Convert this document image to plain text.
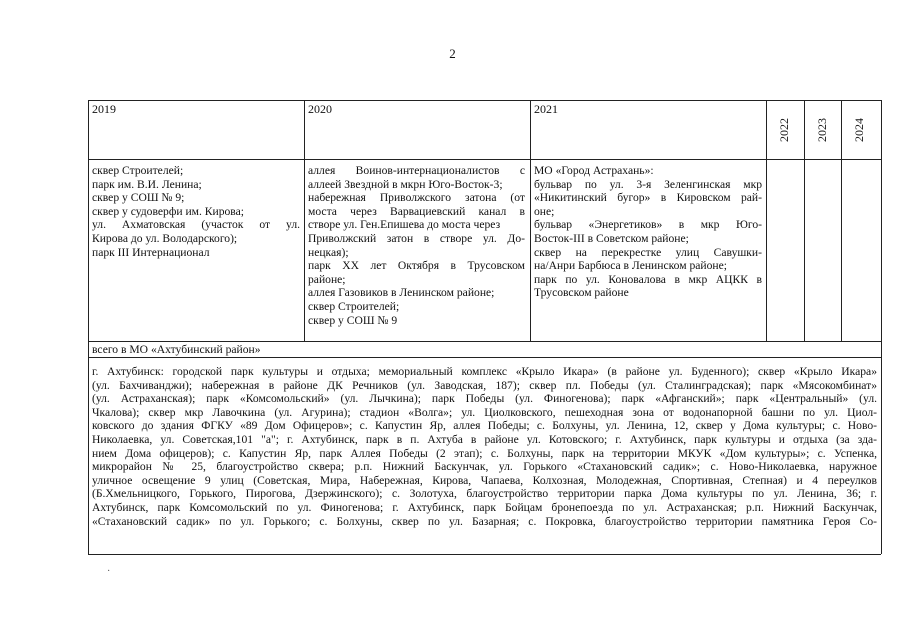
2
2019	2020	2021
2022 2023 2024
сквер Строителей;
парк им. В.И. Ленина;
сквер у СОШ № 9;
сквер у судоверфи им. Кирова;
ул. Ахматовская (участок от ул.
Кирова до ул. Володарского);
парк III Интернационал
аллея Воинов-интернационалистов с
аллеей Звездной в мкрн Юго-Восток-3;
набережная Приволжского затона (от
моста через Варвациевский канал в
створе ул. Ген.Епишева до моста через
Приволжский затон в створе ул. До-
нецкая);
парк XX лет Октября в Трусовском
районе;
аллея Газовиков в Ленинском районе;
сквер Строителей;
сквер у СОШ № 9
МО «Город Астрахань»:
бульвар по ул. 3-я Зеленгинская мкр
«Никитинский бугор» в Кировском рай-
оне;
бульвар «Энергетиков» в мкр Юго-
Восток-III в Советском районе;
сквер на перекрестке улиц Савушки-
на/Анри Барбюса в Ленинском районе;
парк по ул. Коновалова в мкр АЦКК в
Трусовском районе
всего в МО «Ахтубинский район»
г. Ахтубинск: городской парк культуры и отдыха; мемориальный комплекс «Крыло Икара» (в районе ул. Буденного); сквер «Крыло Икара»
(ул. Бахчиванджи); набережная в районе ДК Речников (ул. Заводская, 187); сквер пл. Победы (ул. Сталинградская); парк «Мясокомбинат»
(ул. Астраханская); парк «Комсомольский» (ул. Лычкина); парк Победы (ул. Финогенова); парк «Афганский»; парк «Центральный» (ул.
Чкалова); сквер мкр Лавочкина (ул. Агурина); стадион «Волга»; ул. Циолковского, пешеходная зона от водонапорной башни по ул. Циол-
ковского до здания ФГКУ «89 Дом Офицеров»; с. Капустин Яр, аллея Победы; с. Болхуны, ул. Ленина, 12, сквер у Дома культуры; с. Ново-
Николаевка, ул. Советская,101 "а"; г. Ахтубинск, парк в п. Ахтуба в районе ул. Котовского; г. Ахтубинск, парк культуры и отдыха (за зда-
нием Дома офицеров); с. Капустин Яр, парк Аллея Победы (2 этап); с. Болхуны, парк на территории МКУК «Дом культуры»; с. Успенка,
микрорайон № 25, благоустройство сквера; р.п. Нижний Баскунчак, ул. Горького «Стахановский садик»; с. Ново-Николаевка, наружное
уличное освещение 9 улиц (Советская, Мира, Набережная, Кирова, Чапаева, Колхозная, Молодежная, Спортивная, Степная) и 4 переулков
(Б.Хмельницкого, Горького, Пирогова, Дзержинского); с. Золотуха, благоустройство территории парка Дома культуры по ул. Ленина, 36; г.
Ахтубинск, парк Комсомольский по ул. Финогенова; г. Ахтубинск, парк Бойцам бронепоезда по ул. Астраханская; р.п. Нижний Баскунчак,
«Стахановский садик» по ул. Горького; с. Болхуны, сквер по ул. Базарная; с. Покровка, благоустройство территории памятника Героя Со-
·
